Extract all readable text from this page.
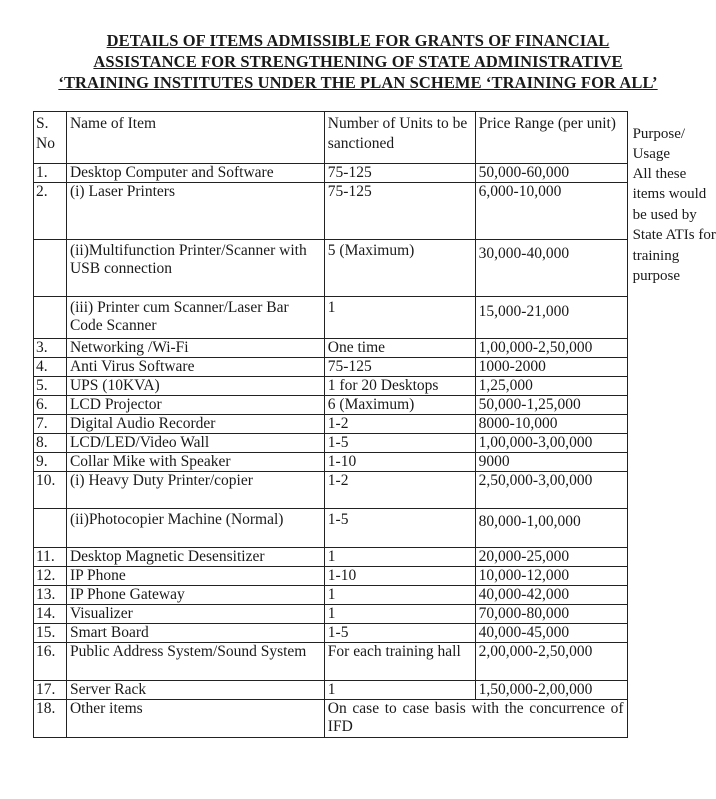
DETAILS OF ITEMS ADMISSIBLE FOR GRANTS OF FINANCIAL
ASSISTANCE FOR STRENGTHENING OF STATE ADMINISTRATIVE
‘TRAINING INSTITUTES UNDER THE PLAN SCHEME ‘TRAINING FOR ALL’
S. No	Name of Item	Number of Units to be sanctioned	Price Range (per unit)	Purpose/ Usage
1.	Desktop Computer and Software	75-125	50,000-60,000	All these items would be used by State ATIs for training purpose
2.	(i) Laser Printers	75-125	6,000-10,000	
	(ii)Multifunction Printer/Scanner with USB connection	5 (Maximum)	30,000-40,000	
	(iii) Printer cum Scanner/Laser Bar Code Scanner	1	15,000-21,000	
3.	Networking /Wi-Fi	One time	1,00,000-2,50,000	
4.	Anti Virus Software	75-125	1000-2000	
5.	UPS (10KVA)	1 for 20 Desktops	1,25,000	
6.	LCD Projector	6 (Maximum)	50,000-1,25,000	
7.	Digital Audio Recorder	1-2	8000-10,000	
8.	LCD/LED/Video Wall	1-5	1,00,000-3,00,000	
9.	Collar Mike with Speaker	1-10	9000	
10.	(i) Heavy Duty Printer/copier	1-2	2,50,000-3,00,000	
	(ii)Photocopier Machine (Normal)	1-5	80,000-1,00,000	
11.	Desktop Magnetic Desensitizer	1	20,000-25,000	
12.	IP Phone	1-10	10,000-12,000	
13.	IP Phone Gateway	1	40,000-42,000	
14.	Visualizer	1	70,000-80,000	
15.	Smart Board	1-5	40,000-45,000	
16.	Public Address System/Sound System	For each training hall	2,00,000-2,50,000	
17.	Server Rack	1	1,50,000-2,00,000	
18.	Other items	On case to case basis with the concurrence of IFD		
